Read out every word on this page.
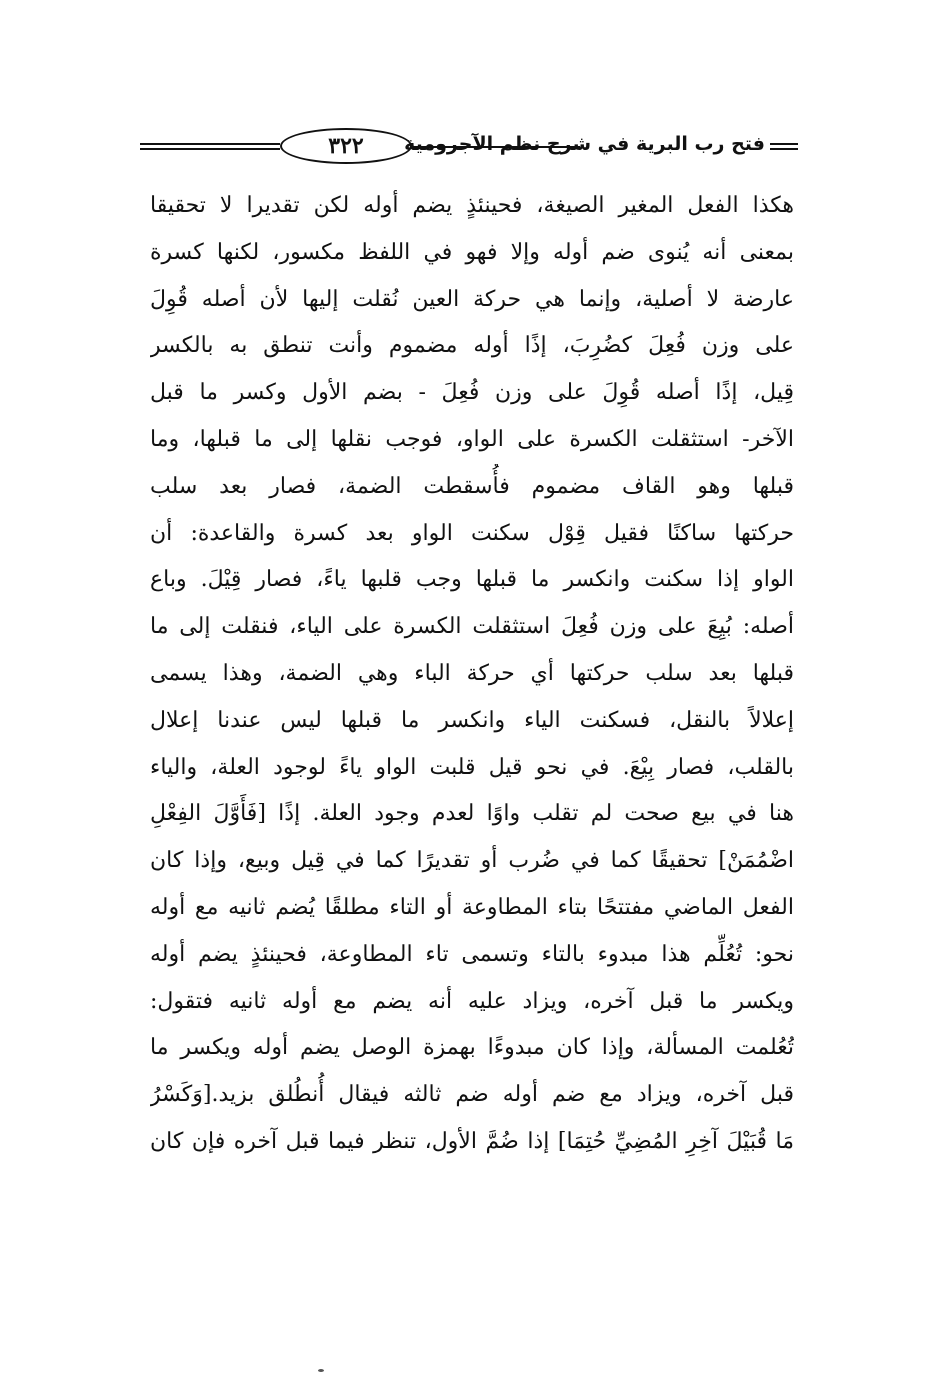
٣٢٢ فتح رب البرية في شرح نظم الآجرومية
هكذا الفعل المغير الصيغة، فحينئذٍ يضم أوله لكن تقديرا لا تحقيقا
بمعنى أنه يُنوى ضم أوله وإلا فهو في اللفظ مكسور، لكنها كسرة
عارضة لا أصلية، وإنما هي حركة العين نُقلت إليها لأن أصله قُوِلَ
على وزن فُعِلَ كضُرِبَ، إذًا أوله مضموم وأنت تنطق به بالكسر
قِيل، إذًا أصله قُوِلَ على وزن فُعِلَ - بضم الأول وكسر ما قبل
الآخر- استثقلت الكسرة على الواو، فوجب نقلها إلى ما قبلها، وما
قبلها وهو القاف مضموم فأُسقطت الضمة، فصار بعد سلب
حركتها ساكنًا فقيل قِوْل سكنت الواو بعد كسرة والقاعدة: أن
الواو إذا سكنت وانكسر ما قبلها وجب قلبها ياءً، فصار قِيْلَ. وباع
أصله: بُيِعَ على وزن فُعِلَ استثقلت الكسرة على الياء، فنقلت إلى ما
قبلها بعد سلب حركتها أي حركة الباء وهي الضمة، وهذا يسمى
إعلالاً بالنقل، فسكنت الياء وانكسر ما قبلها ليس عندنا إعلال
بالقلب، فصار بِيْعَ. في نحو قيل قلبت الواو ياءً لوجود العلة، والياء
هنا في بيع صحت لم تقلب واوًا لعدم وجود العلة. إذًا [فَأَوَّلَ الفِعْلِ
اضْمُمَنْ] تحقيقًا كما في ضُرب أو تقديرًا كما في قِيل وبيع، وإذا كان
الفعل الماضي مفتتحًا بتاء المطاوعة أو التاء مطلقًا يُضم ثانيه مع أوله
نحو: تُعُلِّم هذا مبدوء بالتاء وتسمى تاء المطاوعة، فحينئذٍ يضم أوله
ويكسر ما قبل آخره، ويزاد عليه أنه يضم مع أوله ثانيه فتقول:
تُعُلمت المسألة، وإذا كان مبدوءًا بهمزة الوصل يضم أوله ويكسر ما
قبل آخره، ويزاد مع ضم أوله ضم ثالثه فيقال أُنطُلق بزيد.[وَكَسْرُ
مَا قُبَيْلَ آخِرِ المُضِيِّ حُتِمَا] إذا ضُمَّ الأول، تنظر فيما قبل آخره فإن كان
